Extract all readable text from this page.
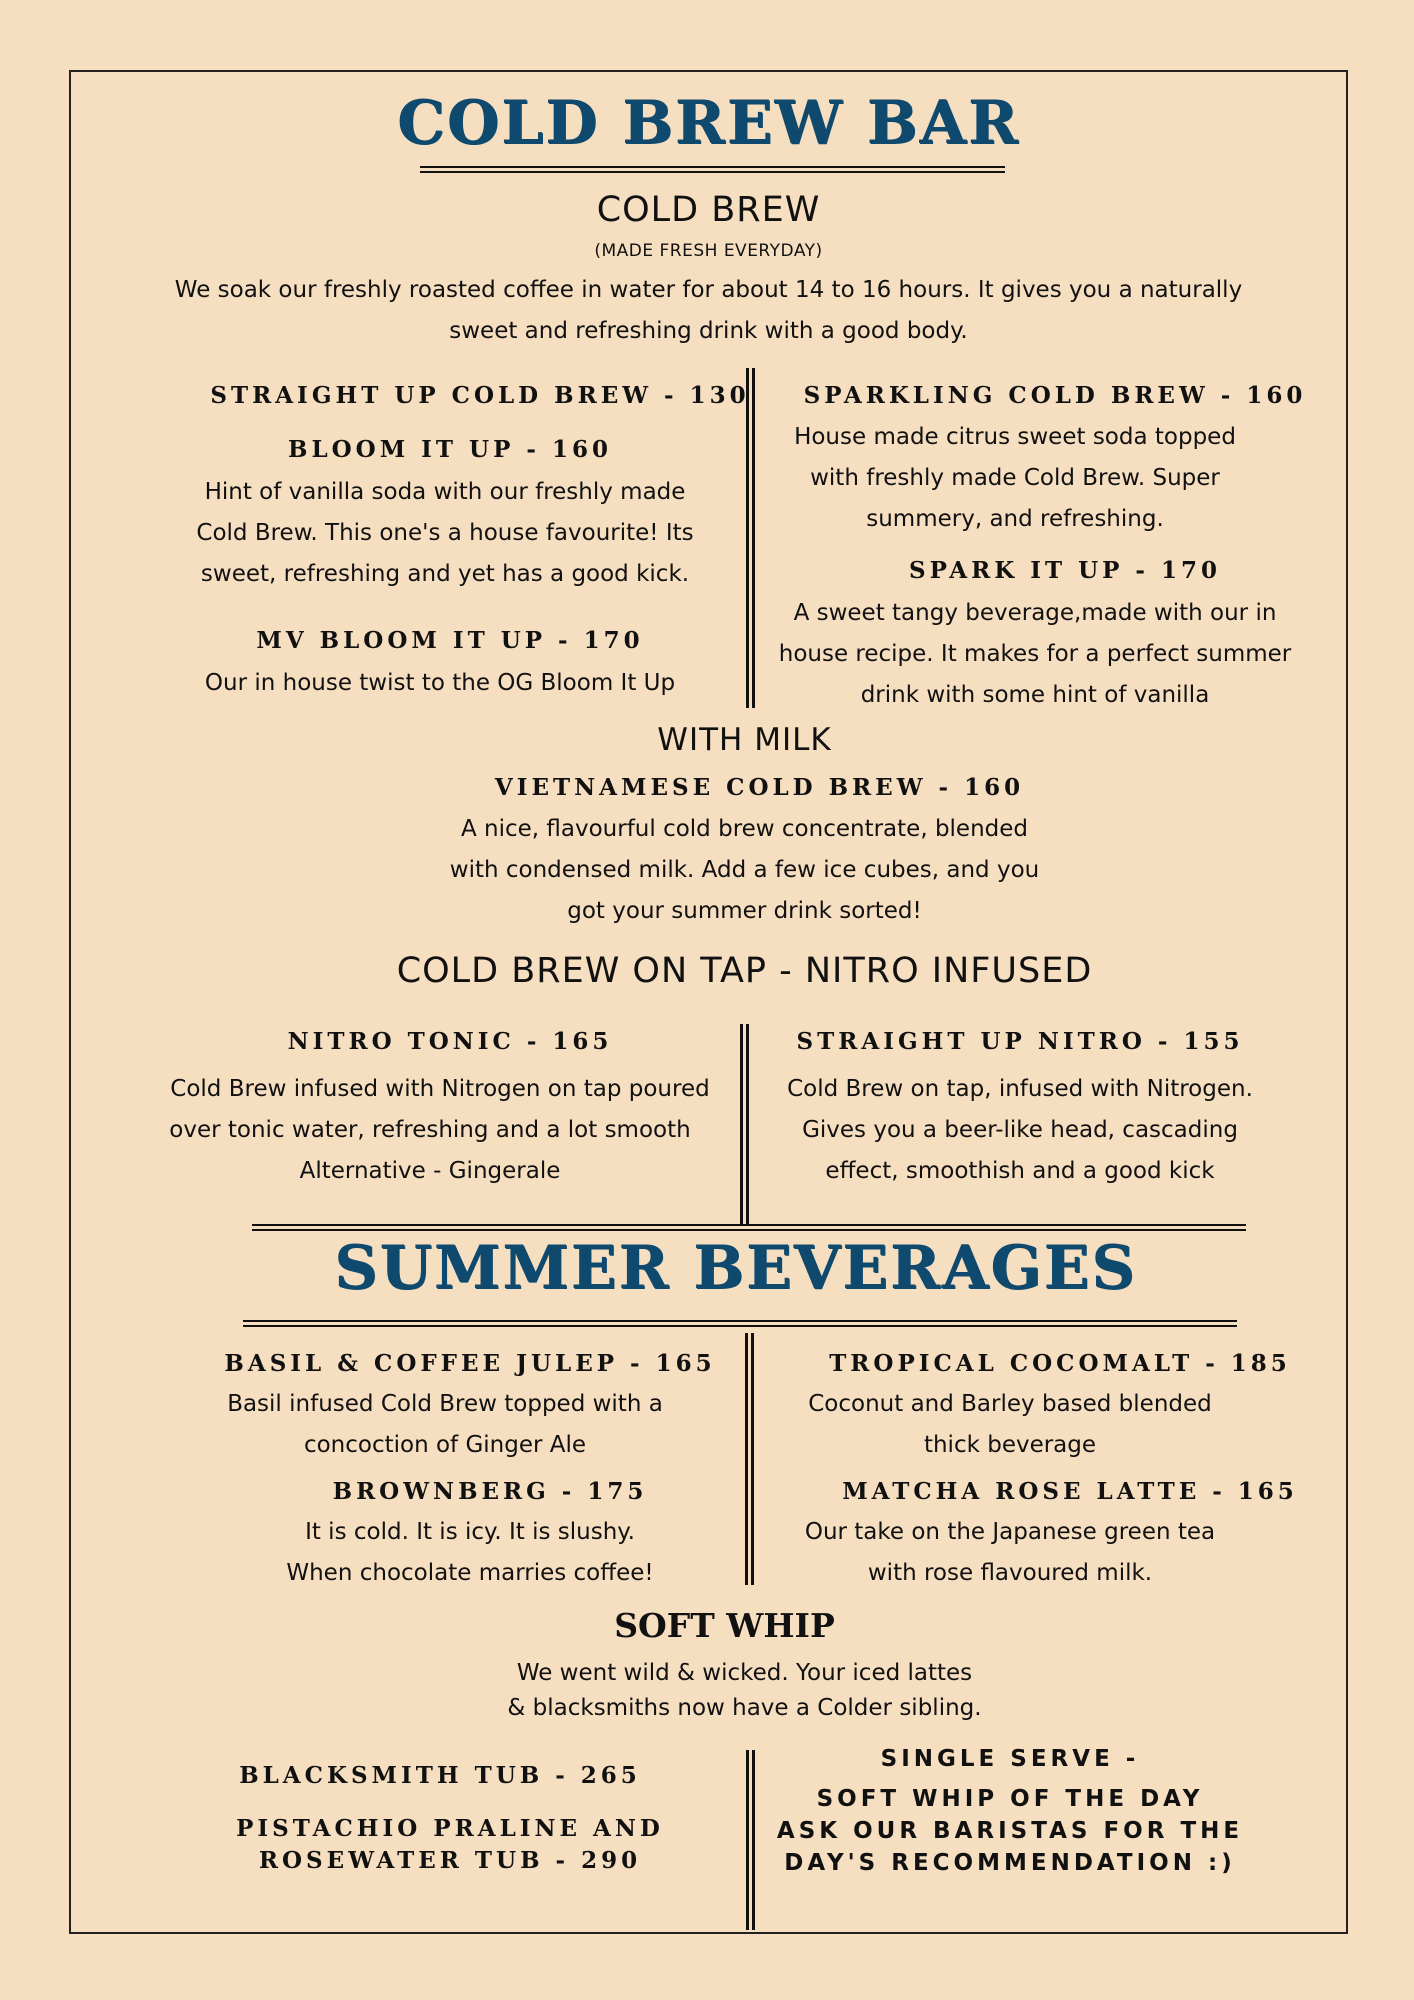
COLD BREW BAR
COLD BREW
(MADE FRESH EVERYDAY)
We soak our freshly roasted coffee in water for about 14 to 16 hours. It gives you a naturally
sweet and refreshing drink with a good body.
STRAIGHT UP COLD BREW - 130
BLOOM IT UP - 160
Hint of vanilla soda with our freshly made
Cold Brew. This one's a house favourite! Its
sweet, refreshing and yet has a good kick.
MV BLOOM IT UP - 170
Our in house twist to the OG Bloom It Up
SPARKLING COLD BREW - 160
House made citrus sweet soda topped
with freshly made Cold Brew. Super
summery, and refreshing.
SPARK IT UP - 170
A sweet tangy beverage,made with our in
house recipe. It makes for a perfect summer
drink with some hint of vanilla
WITH MILK
VIETNAMESE COLD BREW - 160
A nice, flavourful cold brew concentrate, blended
with condensed milk. Add a few ice cubes, and you
got your summer drink sorted!
COLD BREW ON TAP - NITRO INFUSED
NITRO TONIC - 165
Cold Brew infused with Nitrogen on tap poured
over tonic water, refreshing and a lot smooth
Alternative - Gingerale
STRAIGHT UP NITRO - 155
Cold Brew on tap, infused with Nitrogen.
Gives you a beer-like head, cascading
effect, smoothish and a good kick
SUMMER BEVERAGES
BASIL & COFFEE JULEP - 165
Basil infused Cold Brew topped with a
concoction of Ginger Ale
BROWNBERG - 175
It is cold. It is icy. It is slushy.
When chocolate marries coffee!
TROPICAL COCOMALT - 185
Coconut and Barley based blended
thick beverage
MATCHA ROSE LATTE - 165
Our take on the Japanese green tea
with rose flavoured milk.
SOFT WHIP
We went wild & wicked. Your iced lattes
& blacksmiths now have a Colder sibling.
BLACKSMITH TUB - 265
PISTACHIO PRALINE AND
ROSEWATER TUB - 290
SINGLE SERVE -
SOFT WHIP OF THE DAY
ASK OUR BARISTAS FOR THE
DAY'S RECOMMENDATION :)
